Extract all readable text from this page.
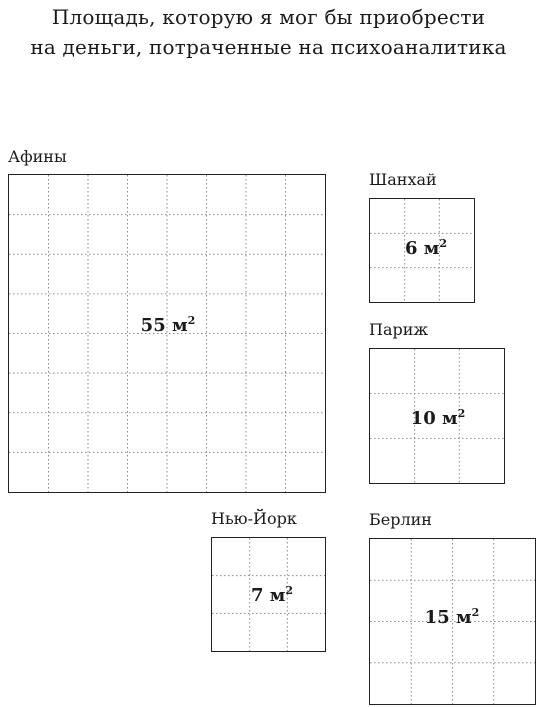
Площадь, которую я мог бы приобрести
на деньги, потраченные на психоаналитика
Афины
55 $м^2$
Шанхай
6 $м^2$
Париж
10 $м^2$
Нью-Йорк
7 $м^2$
Берлин
15 $м^2$
